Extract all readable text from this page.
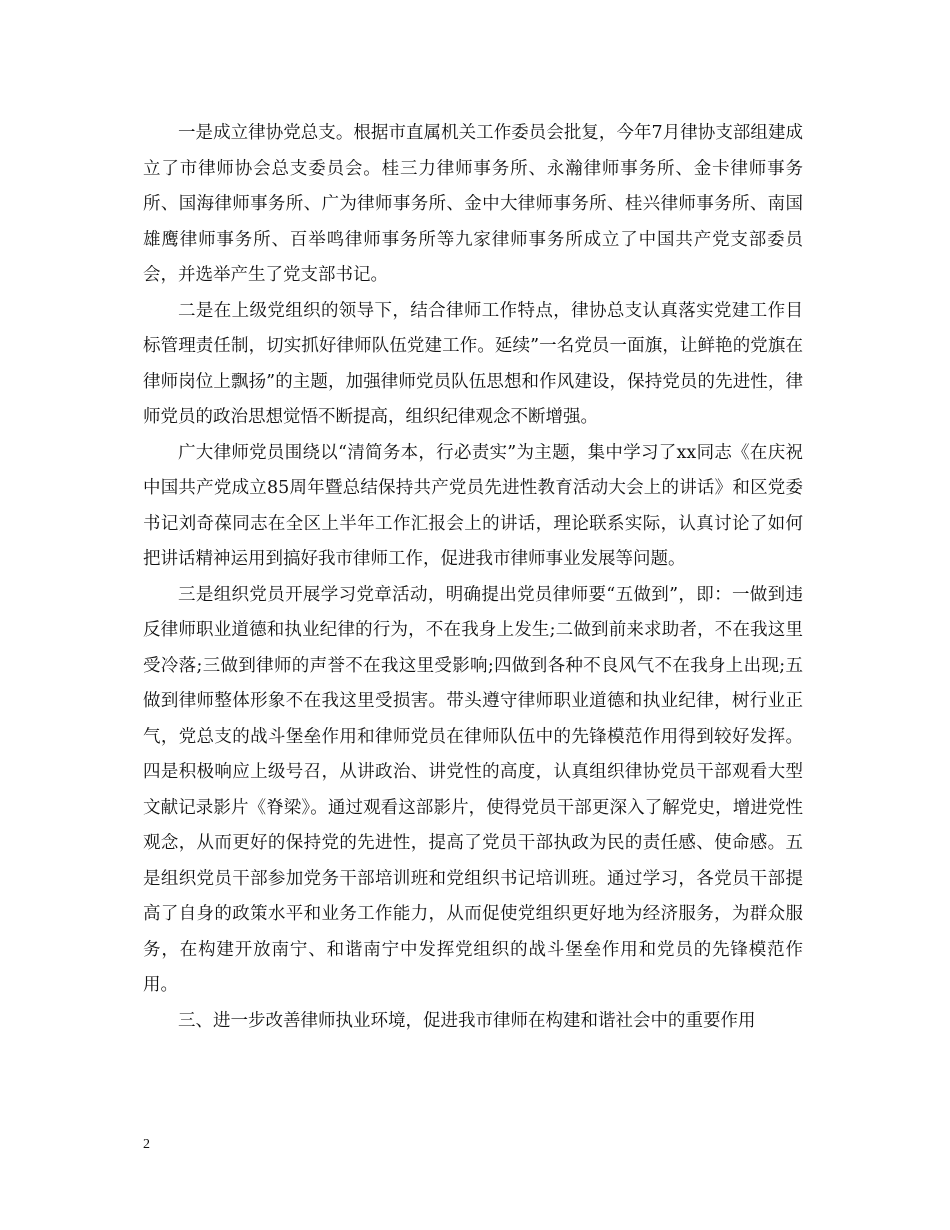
一是成立律协党总支。根据市直属机关工作委员会批复，今年7月律协支部组建成立了市律师协会总支委员会。桂三力律师事务所、永瀚律师事务所、金卡律师事务所、国海律师事务所、广为律师事务所、金中大律师事务所、桂兴律师事务所、南国雄鹰律师事务所、百举鸣律师事务所等九家律师事务所成立了中国共产党支部委员会，并选举产生了党支部书记。

二是在上级党组织的领导下，结合律师工作特点，律协总支认真落实党建工作目标管理责任制，切实抓好律师队伍党建工作。延续”一名党员一面旗，让鲜艳的党旗在律师岗位上飘扬”的主题，加强律师党员队伍思想和作风建设，保持党员的先进性，律师党员的政治思想觉悟不断提高，组织纪律观念不断增强。

广大律师党员围绕以“清简务本，行必责实”为主题，集中学习了xx同志《在庆祝中国共产党成立85周年暨总结保持共产党员先进性教育活动大会上的讲话》和区党委书记刘奇葆同志在全区上半年工作汇报会上的讲话，理论联系实际，认真讨论了如何把讲话精神运用到搞好我市律师工作，促进我市律师事业发展等问题。

三是组织党员开展学习党章活动，明确提出党员律师要“五做到”，即：一做到违反律师职业道德和执业纪律的行为，不在我身上发生;二做到前来求助者，不在我这里受冷落;三做到律师的声誉不在我这里受影响;四做到各种不良风气不在我身上出现;五做到律师整体形象不在我这里受损害。带头遵守律师职业道德和执业纪律，树行业正气，党总支的战斗堡垒作用和律师党员在律师队伍中的先锋模范作用得到较好发挥。四是积极响应上级号召，从讲政治、讲党性的高度，认真组织律协党员干部观看大型文献记录影片《脊梁》。通过观看这部影片，使得党员干部更深入了解党史，增进党性观念，从而更好的保持党的先进性，提高了党员干部执政为民的责任感、使命感。五是组织党员干部参加党务干部培训班和党组织书记培训班。通过学习，各党员干部提高了自身的政策水平和业务工作能力，从而促使党组织更好地为经济服务，为群众服务，在构建开放南宁、和谐南宁中发挥党组织的战斗堡垒作用和党员的先锋模范作用。

三、进一步改善律师执业环境，促进我市律师在构建和谐社会中的重要作用

2
